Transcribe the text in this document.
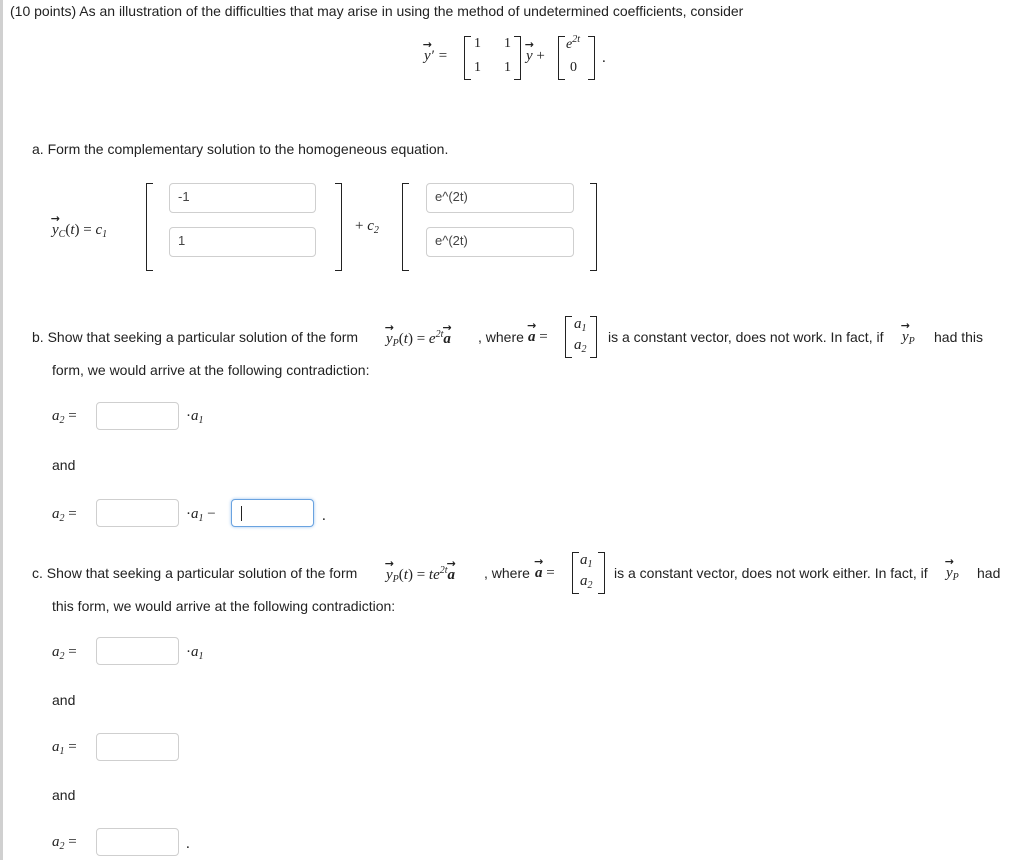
(10 points) As an illustration of the difficulties that may arise in using the method of undetermined coefficients, consider
→ y′ =
1 1
1 1
→ y +
$e^{2t}$
0
.
a. Form the complementary solution to the homogeneous equation.
→ $y_C(t) = c_1$
-1
1
+ $c_2$
e^(2t)
e^(2t)
b. Show that seeking a particular solution of the form → $y_P(t) = e^{2t}\to a$ , where → a =
$a_1$
$a_2$
is a constant vector, does not work. In fact, if → $y_P$ had this
form, we would arrive at the following contradiction:
$a_2$ =	$\cdot a_1$
and
$a_2$ =	$\cdot a_1$ −	.
c. Show that seeking a particular solution of the form → $y_P(t) = te^{2t}\to a$ , where → a =
$a_1$
$a_2$
is a constant vector, does not work either. In fact, if → $y_P$ had
this form, we would arrive at the following contradiction:
$a_2$ =	$\cdot a_1$
and
$a_1$ =
and
$a_2$ =	.
